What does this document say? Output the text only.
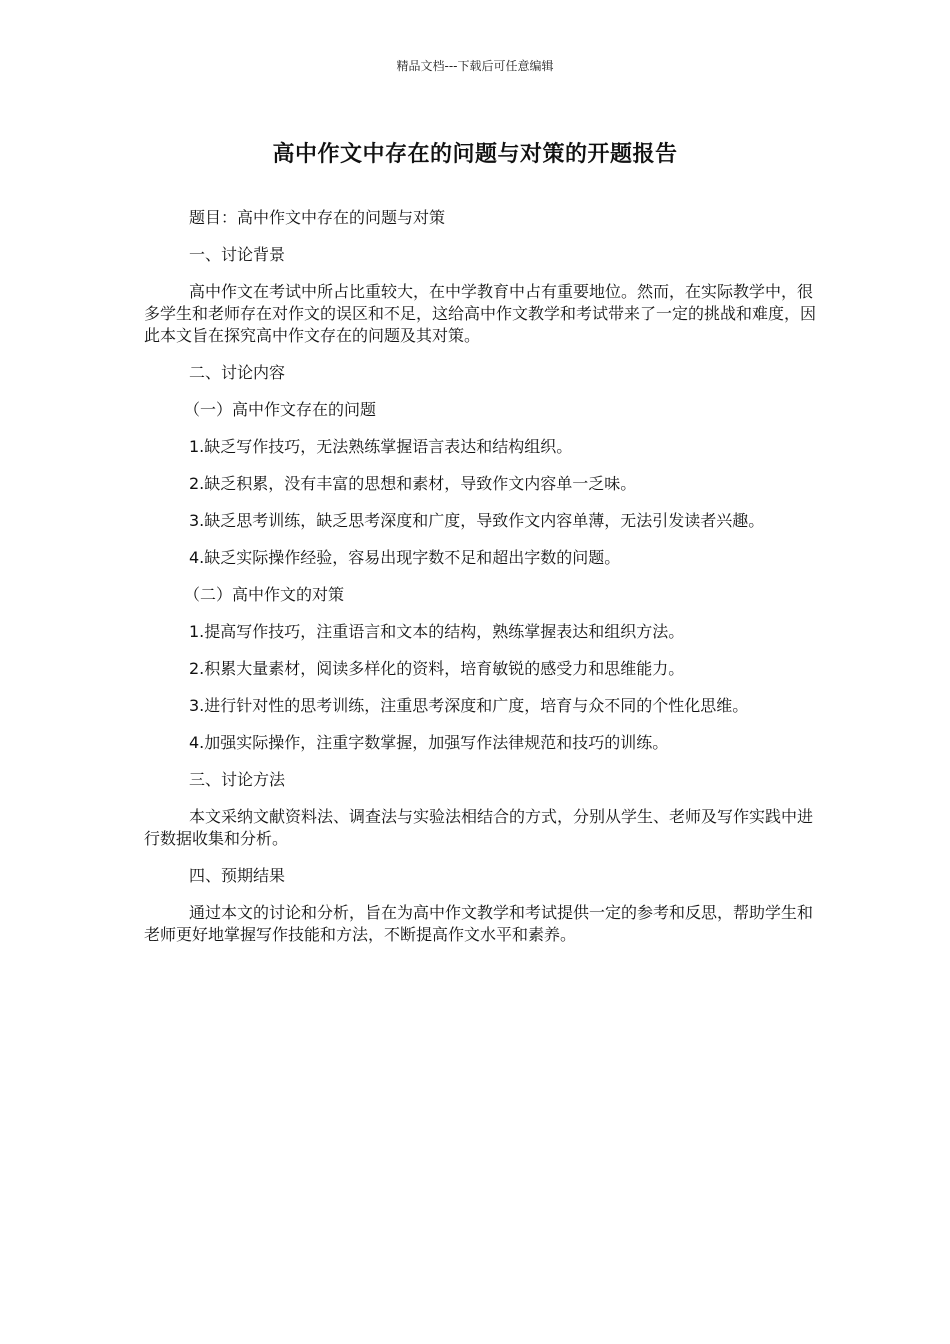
精品文档---下载后可任意编辑
高中作文中存在的问题与对策的开题报告

题目：高中作文中存在的问题与对策

一、讨论背景

高中作文在考试中所占比重较大，在中学教育中占有重要地位。然而，在实际教学中，很多学生和老师存在对作文的误区和不足，这给高中作文教学和考试带来了一定的挑战和难度，因此本文旨在探究高中作文存在的问题及其对策。

二、讨论内容

（一）高中作文存在的问题

1.缺乏写作技巧，无法熟练掌握语言表达和结构组织。

2.缺乏积累，没有丰富的思想和素材，导致作文内容单一乏味。

3.缺乏思考训练，缺乏思考深度和广度，导致作文内容单薄，无法引发读者兴趣。

4.缺乏实际操作经验，容易出现字数不足和超出字数的问题。

（二）高中作文的对策

1.提高写作技巧，注重语言和文本的结构，熟练掌握表达和组织方法。

2.积累大量素材，阅读多样化的资料，培育敏锐的感受力和思维能力。

3.进行针对性的思考训练，注重思考深度和广度，培育与众不同的个性化思维。

4.加强实际操作，注重字数掌握，加强写作法律规范和技巧的训练。

三、讨论方法

本文采纳文献资料法、调查法与实验法相结合的方式，分别从学生、老师及写作实践中进行数据收集和分析。

四、预期结果

通过本文的讨论和分析，旨在为高中作文教学和考试提供一定的参考和反思，帮助学生和老师更好地掌握写作技能和方法，不断提高作文水平和素养。
